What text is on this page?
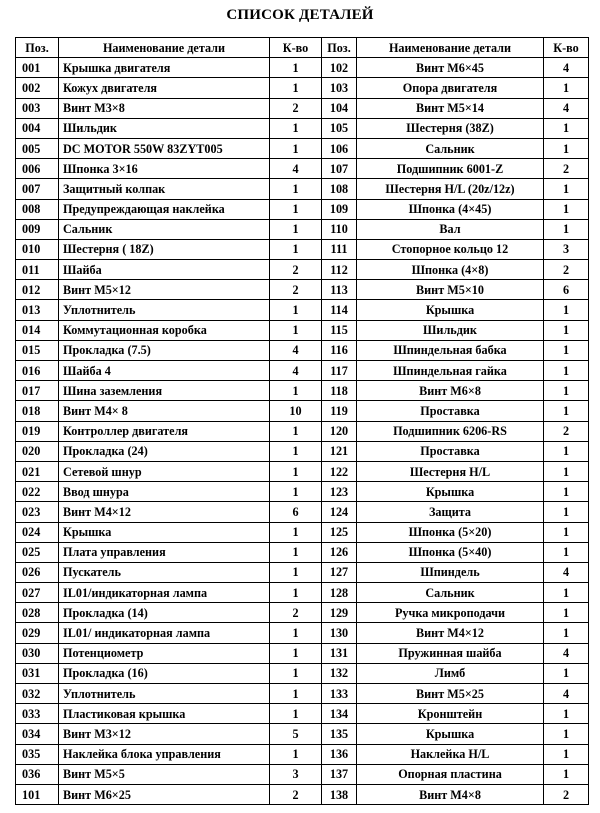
СПИСОК ДЕТАЛЕЙ
Поз.	Наименование детали	К-во	Поз.	Наименование детали	К-во
001	Крышка двигателя	1	102	Винт М6×45	4
002	Кожух двигателя	1	103	Опора двигателя	1
003	Винт М3×8	2	104	Винт М5×14	4
004	Шильдик	1	105	Шестерня (38Z)	1
005	DC MOTOR 550W 83ZYT005	1	106	Сальник	1
006	Шпонка 3×16	4	107	Подшипник 6001-Z	2
007	Защитный колпак	1	108	Шестерня H/L (20z/12z)	1
008	Предупреждающая наклейка	1	109	Шпонка (4×45)	1
009	Сальник	1	110	Вал	1
010	Шестерня ( 18Z)	1	111	Стопорное кольцо 12	3
011	Шайба	2	112	Шпонка (4×8)	2
012	Винт М5×12	2	113	Винт М5×10	6
013	Уплотнитель	1	114	Крышка	1
014	Коммутационная коробка	1	115	Шильдик	1
015	Прокладка (7.5)	4	116	Шпиндельная бабка	1
016	Шайба 4	4	117	Шпиндельная гайка	1
017	Шина заземления	1	118	Винт М6×8	1
018	Винт М4× 8	10	119	Проставка	1
019	Контроллер двигателя	1	120	Подшипник 6206-RS	2
020	Прокладка (24)	1	121	Проставка	1
021	Сетевой шнур	1	122	Шестерня H/L	1
022	Ввод шнура	1	123	Крышка	1
023	Винт М4×12	6	124	Защита	1
024	Крышка	1	125	Шпонка (5×20)	1
025	Плата управления	1	126	Шпонка (5×40)	1
026	Пускатель	1	127	Шпиндель	4
027	IL01/индикаторная лампа	1	128	Сальник	1
028	Прокладка (14)	2	129	Ручка микроподачи	1
029	IL01/ индикаторная лампа	1	130	Винт М4×12	1
030	Потенциометр	1	131	Пружинная шайба	4
031	Прокладка (16)	1	132	Лимб	1
032	Уплотнитель	1	133	Винт М5×25	4
033	Пластиковая крышка	1	134	Кронштейн	1
034	Винт М3×12	5	135	Крышка	1
035	Наклейка блока управления	1	136	Наклейка H/L	1
036	Винт М5×5	3	137	Опорная пластина	1
101	Винт М6×25	2	138	Винт М4×8	2
